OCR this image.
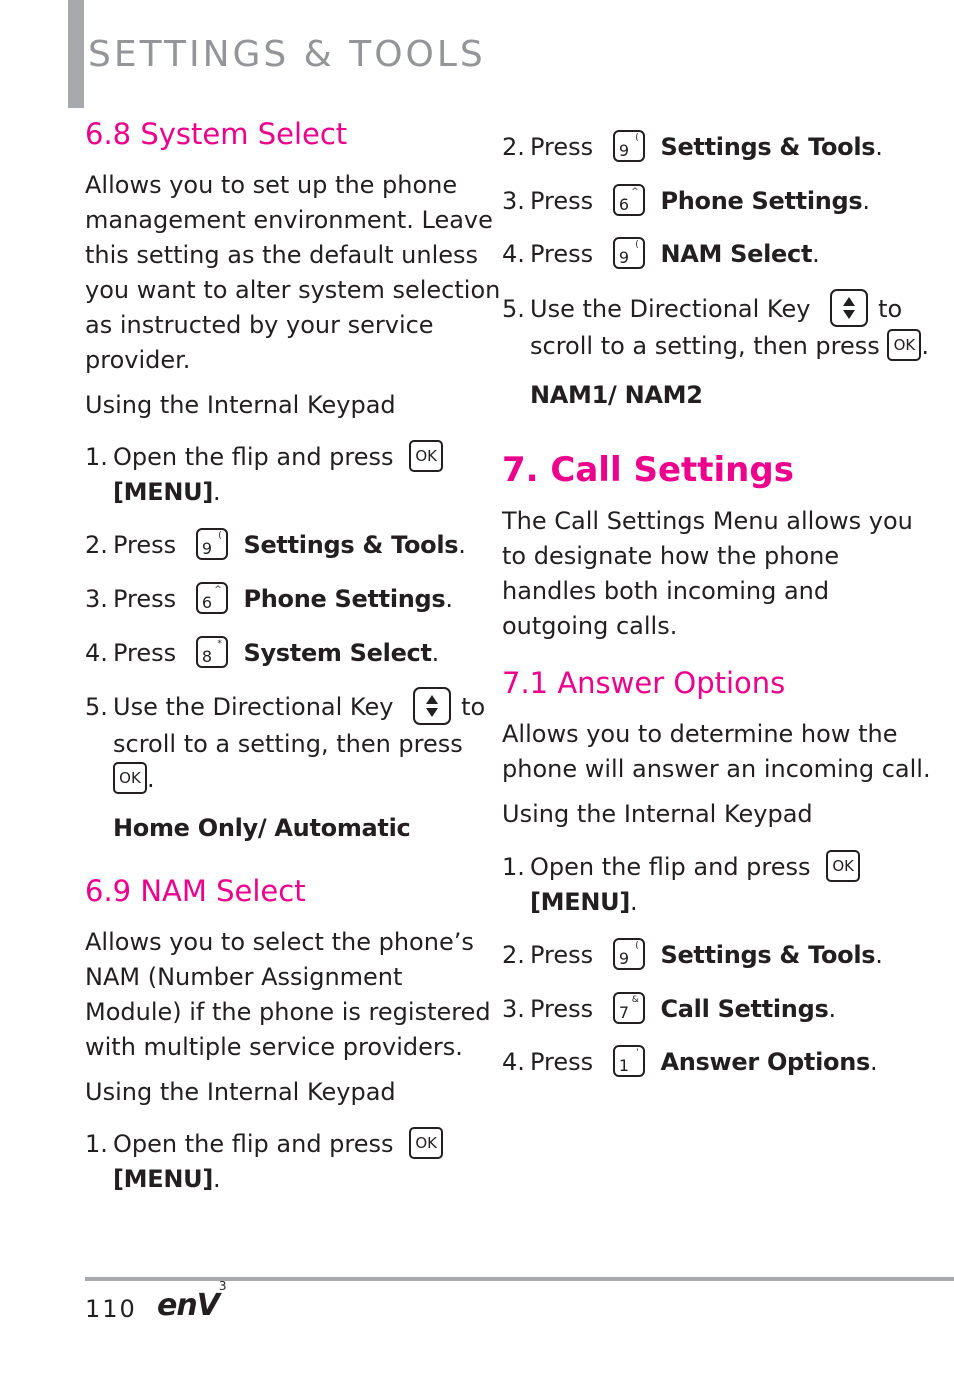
SETTINGS & TOOLS
6.8 System Select
Allows you to set up the phone
management environment. Leave
this setting as the default unless
you want to alter system selection
as instructed by your service
provider.
Using the Internal Keypad
1. Open the flip and press OK
[MENU].
2. Press 9
( Settings & Tools.
3. Press 6
^ Phone Settings.
4. Press 8
* System Select.
5. Use the Directional Key	to
scroll to a setting, then press
OK .
Home Only/ Automatic
6.9 NAM Select
Allows you to select the phone’s
NAM (Number Assignment
Module) if the phone is registered
with multiple service providers.
Using the Internal Keypad
1. Open the flip and press OK
[MENU].
2. Press 9
( Settings & Tools.
3. Press 6
^ Phone Settings.
4. Press 9
( NAM Select.
5. Use the Directional Key	to
scroll to a setting, then press OK .
NAM1/ NAM2
7. Call Settings
The Call Settings Menu allows you
to designate how the phone
handles both incoming and
outgoing calls.
7.1 Answer Options
Allows you to determine how the
phone will answer an incoming call.
Using the Internal Keypad
1. Open the flip and press OK
[MENU].
2. Press 9
( Settings & Tools.
3. Press 7
& Call Settings.
4. Press 1
' Answer Options.
110 enV$^3$
